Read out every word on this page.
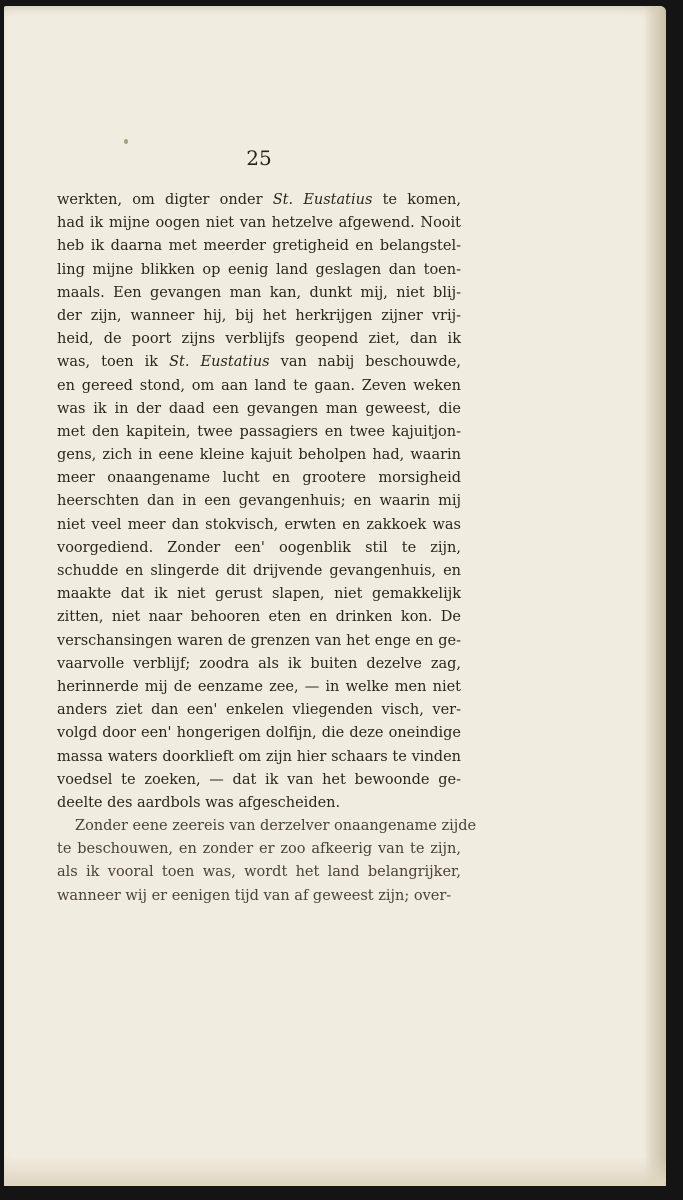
25
werkten, om digter onder St. Eustatius te komen,
had ik mijne oogen niet van hetzelve afgewend. Nooit
heb ik daarna met meerder gretigheid en belangstel-
ling mijne blikken op eenig land geslagen dan toen-
maals. Een gevangen man kan, dunkt mij, niet blij-
der zijn, wanneer hij, bij het herkrijgen zijner vrij-
heid, de poort zijns verblijfs geopend ziet, dan ik
was, toen ik St. Eustatius van nabij beschouwde,
en gereed stond, om aan land te gaan. Zeven weken
was ik in der daad een gevangen man geweest, die
met den kapitein, twee passagiers en twee kajuitjon-
gens, zich in eene kleine kajuit beholpen had, waarin
meer onaangename lucht en grootere morsigheid
heerschten dan in een gevangenhuis; en waarin mij
niet veel meer dan stokvisch, erwten en zakkoek was
voorgediend. Zonder een' oogenblik stil te zijn,
schudde en slingerde dit drijvende gevangenhuis, en
maakte dat ik niet gerust slapen, niet gemakkelijk
zitten, niet naar behooren eten en drinken kon. De
verschansingen waren de grenzen van het enge en ge-
vaarvolle verblijf; zoodra als ik buiten dezelve zag,
herinnerde mij de eenzame zee, — in welke men niet
anders ziet dan een' enkelen vliegenden visch, ver-
volgd door een' hongerigen dolfijn, die deze oneindige
massa waters doorklieft om zijn hier schaars te vinden
voedsel te zoeken, — dat ik van het bewoonde ge-
deelte des aardbols was afgescheiden.
Zonder eene zeereis van derzelver onaangename zijde
te beschouwen, en zonder er zoo afkeerig van te zijn,
als ik vooral toen was, wordt het land belangrijker,
wanneer wij er eenigen tijd van af geweest zijn; over-
